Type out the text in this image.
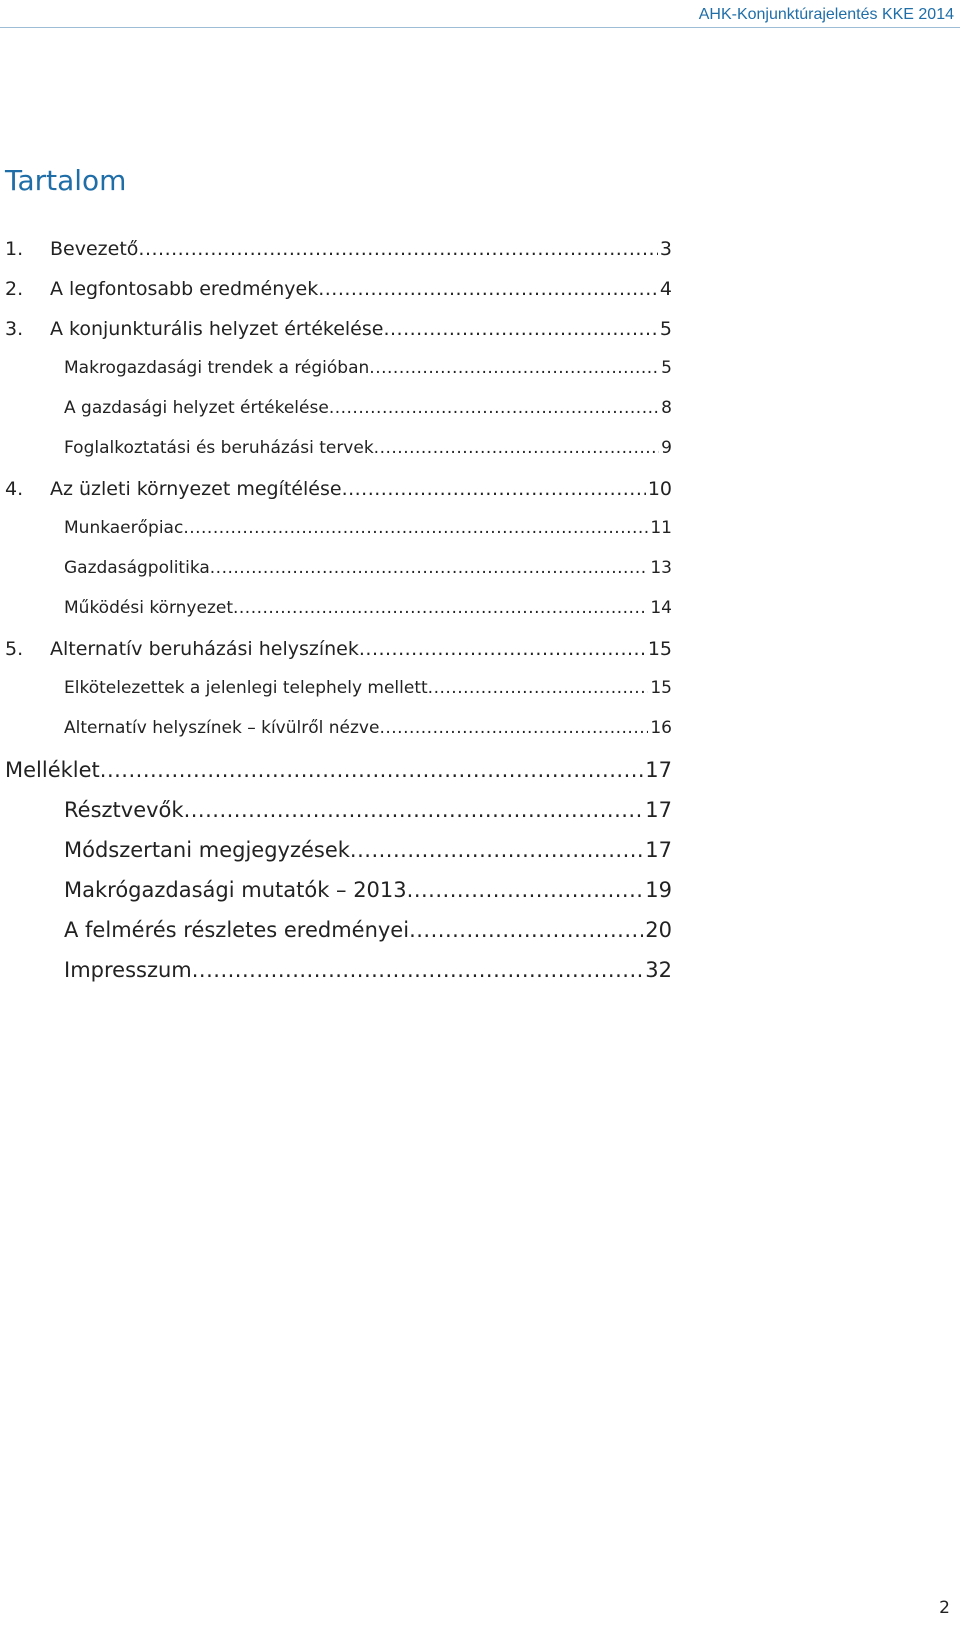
AHK-Konjunktúrajelentés KKE 2014
Tartalom
1.	Bevezető .....	3
2.	A legfontosabb eredmények .....	4
3.	A konjunkturális helyzet értékelése .....	5
Makrogazdasági trendek a régióban .....	5
A gazdasági helyzet értékelése .....	8
Foglalkoztatási és beruházási tervek .....	9
4.	Az üzleti környezet megítélése .....	10
Munkaerőpiac .....	11
Gazdaságpolitika .....	13
Működési környezet .....	14
5.	Alternatív beruházási helyszínek .....	15
Elkötelezettek a jelenlegi telephely mellett .....	15
Alternatív helyszínek – kívülről nézve .....	16
Melléklet .....	17
Résztvevők .....	17
Módszertani megjegyzések .....	17
Makrógazdasági mutatók – 2013 .....	19
A felmérés részletes eredményei .....	20
Impresszum .....	32
2
